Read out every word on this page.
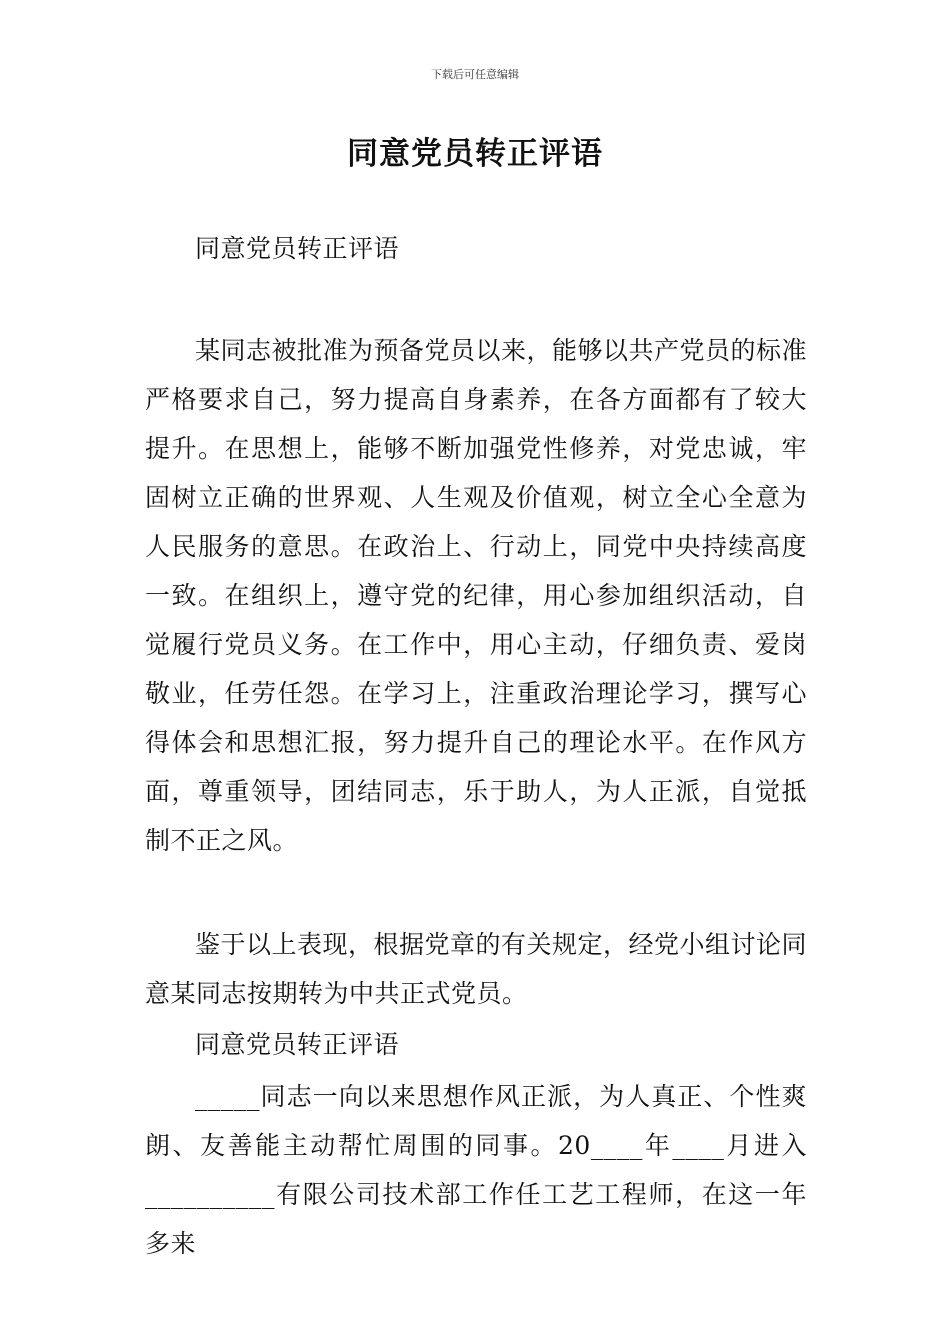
下载后可任意编辑
同意党员转正评语

同意党员转正评语

某同志被批准为预备党员以来，能够以共产党员的标准严格要求自己，努力提高自身素养，在各方面都有了较大提升。在思想上，能够不断加强党性修养，对党忠诚，牢固树立正确的世界观、人生观及价值观，树立全心全意为人民服务的意思。在政治上、行动上，同党中央持续高度一致。在组织上，遵守党的纪律，用心参加组织活动，自觉履行党员义务。在工作中，用心主动，仔细负责、爱岗敬业，任劳任怨。在学习上，注重政治理论学习，撰写心得体会和思想汇报，努力提升自己的理论水平。在作风方面，尊重领导，团结同志，乐于助人，为人正派，自觉抵制不正之风。

鉴于以上表现，根据党章的有关规定，经党小组讨论同意某同志按期转为中共正式党员。

同意党员转正评语

_____同志一向以来思想作风正派，为人真正、个性爽朗、友善能主动帮忙周围的同事。20____年____月进入__________有限公司技术部工作任工艺工程师，在这一年多来
